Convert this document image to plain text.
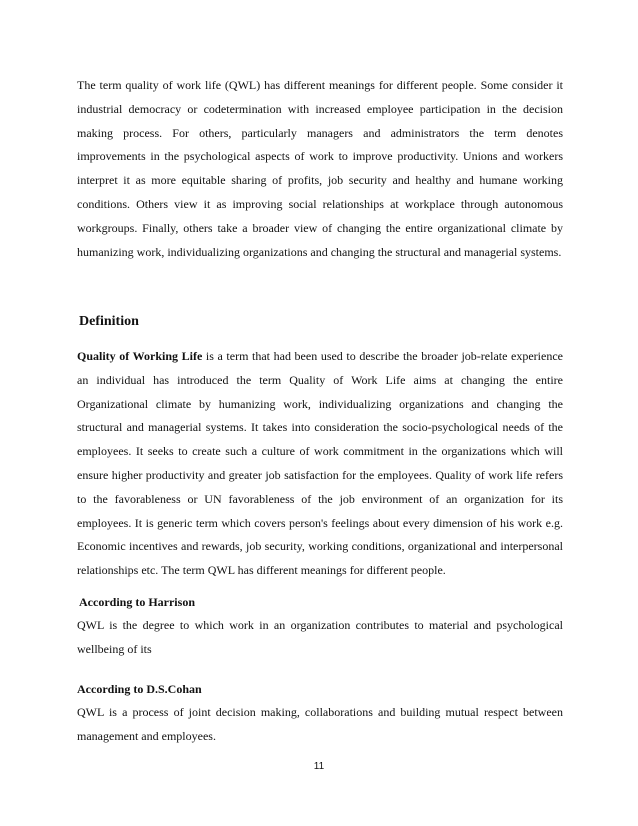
The term quality of work life (QWL) has different meanings for different people. Some consider it industrial democracy or codetermination with increased employee participation in the decision making process. For others, particularly managers and administrators the term denotes improvements in the psychological aspects of work to improve productivity. Unions and workers interpret it as more equitable sharing of profits, job security and healthy and humane working conditions. Others view it as improving social relationships at workplace through autonomous workgroups. Finally, others take a broader view of changing the entire organizational climate by humanizing work, individualizing organizations and changing the structural and managerial systems.

Definition

Quality of Working Life is a term that had been used to describe the broader job-relate experience an individual has introduced the term Quality of Work Life aims at changing the entire Organizational climate by humanizing work, individualizing organizations and changing the structural and managerial systems. It takes into consideration the socio-psychological needs of the employees. It seeks to create such a culture of work commitment in the organizations which will ensure higher productivity and greater job satisfaction for the employees. Quality of work life refers to the favorableness or UN favorableness of the job environment of an organization for its employees. It is generic term which covers person's feelings about every dimension of his work e.g. Economic incentives and rewards, job security, working conditions, organizational and interpersonal relationships etc. The term QWL has different meanings for different people.

According to Harrison

QWL is the degree to which work in an organization contributes to material and psychological wellbeing of its

According to D.S.Cohan

QWL is a process of joint decision making, collaborations and building mutual respect between management and employees.

11
